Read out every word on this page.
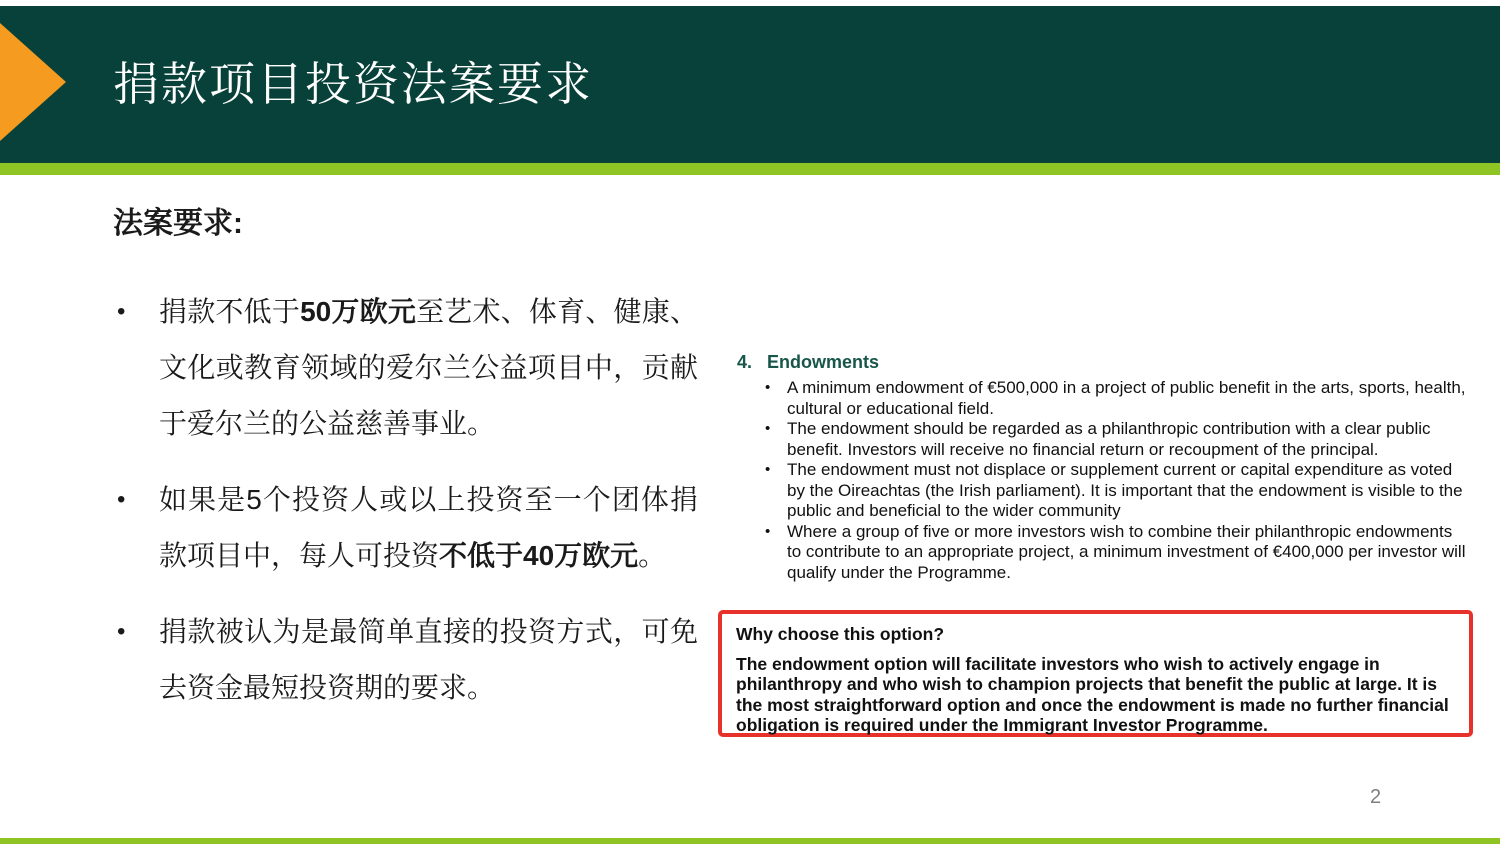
捐款项目投资法案要求
法案要求:
•	捐款不低于50万欧元至艺术、体育、健康、文化或教育领域的爱尔兰公益项目中，贡献于爱尔兰的公益慈善事业。
•	如果是5个投资人或以上投资至一个团体捐款项目中，每人可投资不低于40万欧元。
•	捐款被认为是最简单直接的投资方式，可免去资金最短投资期的要求。
4. Endowments
• A minimum endowment of €500,000 in a project of public benefit in the arts, sports, health, cultural or educational field.
• The endowment should be regarded as a philanthropic contribution with a clear public benefit. Investors will receive no financial return or recoupment of the principal.
• The endowment must not displace or supplement current or capital expenditure as voted by the Oireachtas (the Irish parliament). It is important that the endowment is visible to the public and beneficial to the wider community
• Where a group of five or more investors wish to combine their philanthropic endowments to contribute to an appropriate project, a minimum investment of €400,000 per investor will qualify under the Programme.

Why choose this option?

The endowment option will facilitate investors who wish to actively engage in philanthropy and who wish to champion projects that benefit the public at large. It is the most straightforward option and once the endowment is made no further financial obligation is required under the Immigrant Investor Programme.

2
